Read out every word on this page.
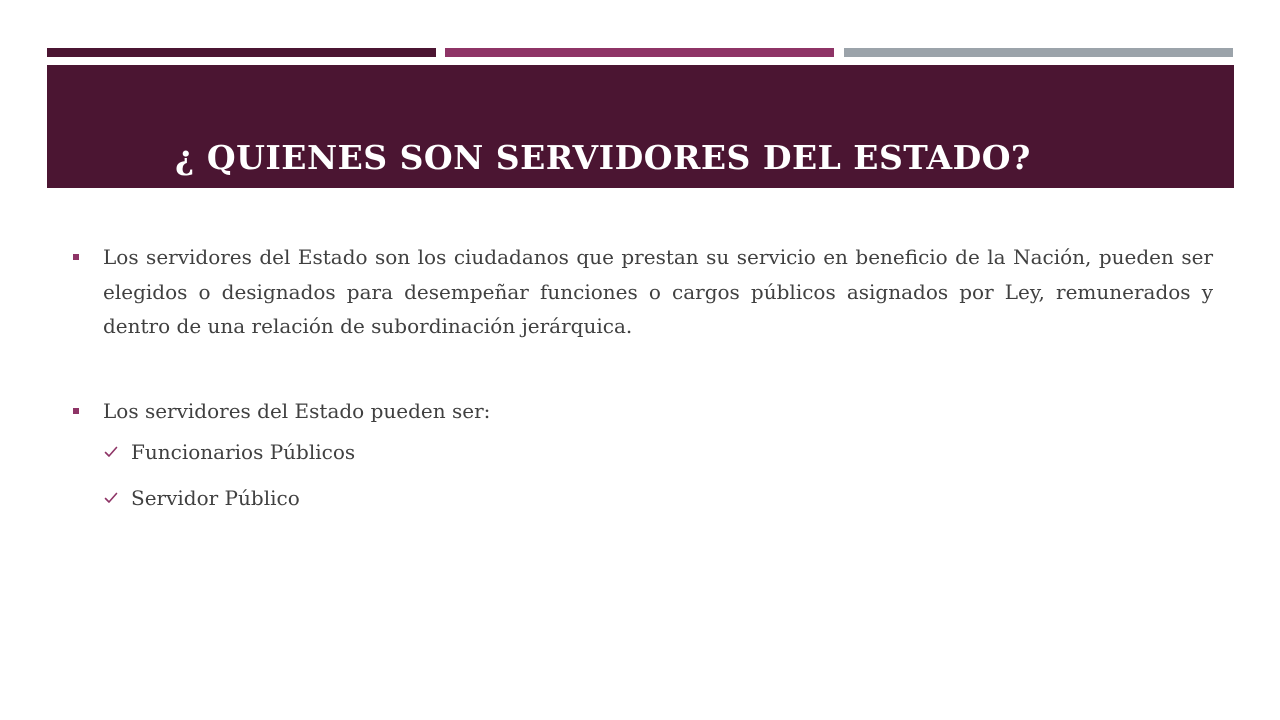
¿ QUIENES SON SERVIDORES DEL ESTADO?

Los servidores del Estado son los ciudadanos que prestan su servicio en beneficio de la Nación, pueden ser elegidos o designados para desempeñar funciones o cargos públicos asignados por Ley, remunerados y dentro de una relación de subordinación jerárquica.

Los servidores del Estado pueden ser:

Funcionarios Públicos
Servidor Público
